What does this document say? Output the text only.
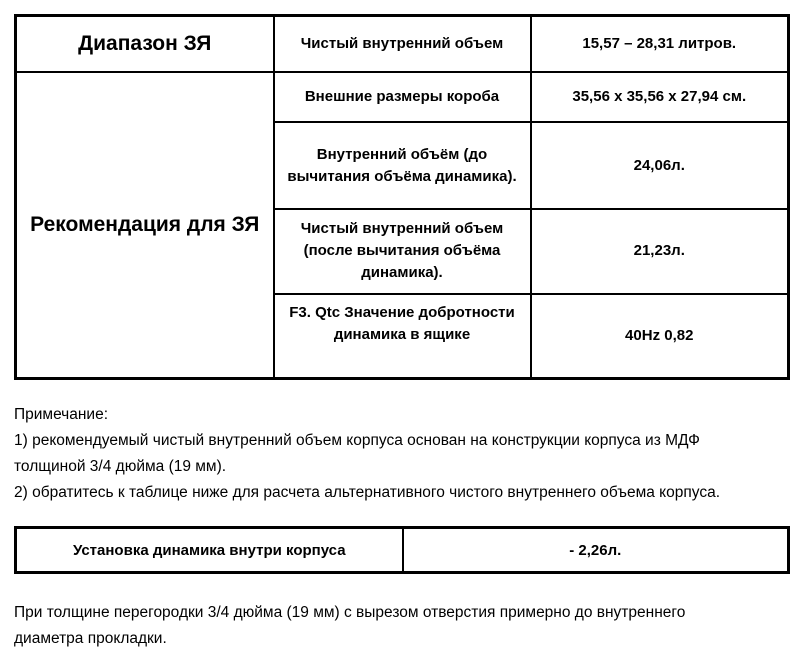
Диапазон ЗЯ	Чистый внутренний объем	15,57 – 28,31 литров.
Рекомендация для ЗЯ	Внешние размеры короба	35,56 x 35,56 x 27,94 см.
	Внутренний объём (до вычитания объёма динамика).	24,06л.
	Чистый внутренний объем (после вычитания объёма динамика).	21,23л.
	F3. Qtc Значение добротности динамика в ящике	40Hz 0,82
Примечание:
1) рекомендуемый чистый внутренний объем корпуса основан на конструкции корпуса из МДФ
толщиной 3/4 дюйма (19 мм).
2) обратитесь к таблице ниже для расчета альтернативного чистого внутреннего объема корпуса.
Установка динамика внутри корпуса	- 2,26л.
При толщине перегородки 3/4 дюйма (19 мм) с вырезом отверстия примерно до внутреннего
диаметра прокладки.
